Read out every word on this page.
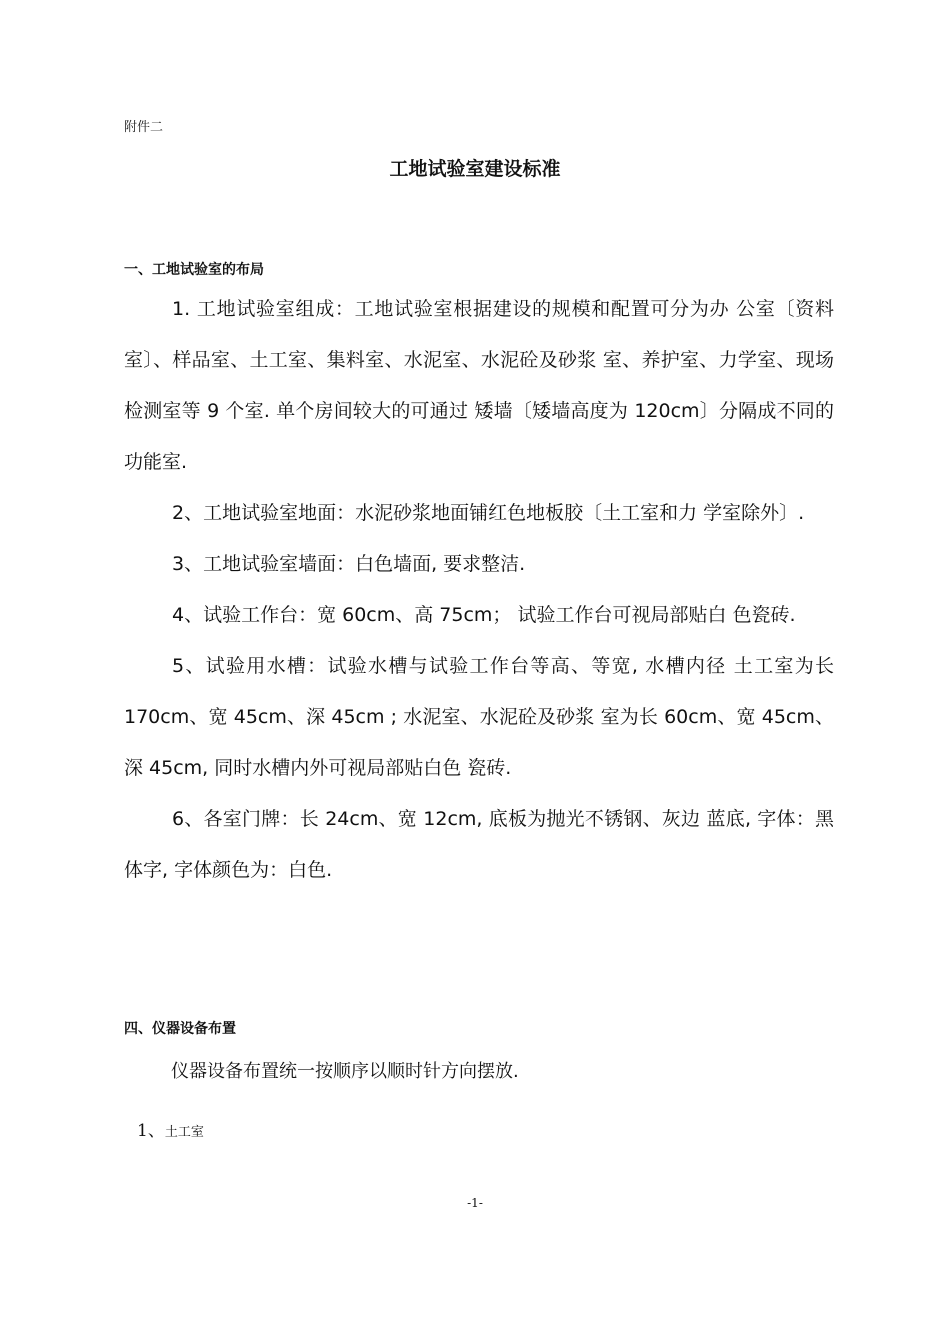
附件二
工地试验室建设标准
一、工地试验室的布局

1. 工地试验室组成：工地试验室根据建设的规模和配置可分为办 公室〔资料室〕、样品室、土工室、集料室、水泥室、水泥砼及砂浆 室、养护室、力学室、现场检测室等 9 个室. 单个房间较大的可通过 矮墙〔矮墙高度为 120cm〕分隔成不同的功能室.

2、工地试验室地面：水泥砂浆地面铺红色地板胶〔土工室和力 学室除外〕.

3、工地试验室墙面：白色墙面, 要求整洁.

4、试验工作台：宽 60cm、高 75cm； 试验工作台可视局部贴白 色瓷砖.

5、试验用水槽：试验水槽与试验工作台等高、等宽, 水槽内径 土工室为长 170cm、宽 45cm、深 45cm ; 水泥室、水泥砼及砂浆 室为长 60cm、宽 45cm、深 45cm, 同时水槽内外可视局部贴白色 瓷砖.

6、各室门牌：长 24cm、宽 12cm, 底板为抛光不锈钢、灰边 蓝底, 字体：黑体字, 字体颜色为：白色.

四、仪器设备布置
仪器设备布置统一按顺序以顺时针方向摆放.
1、土工室
-1-
